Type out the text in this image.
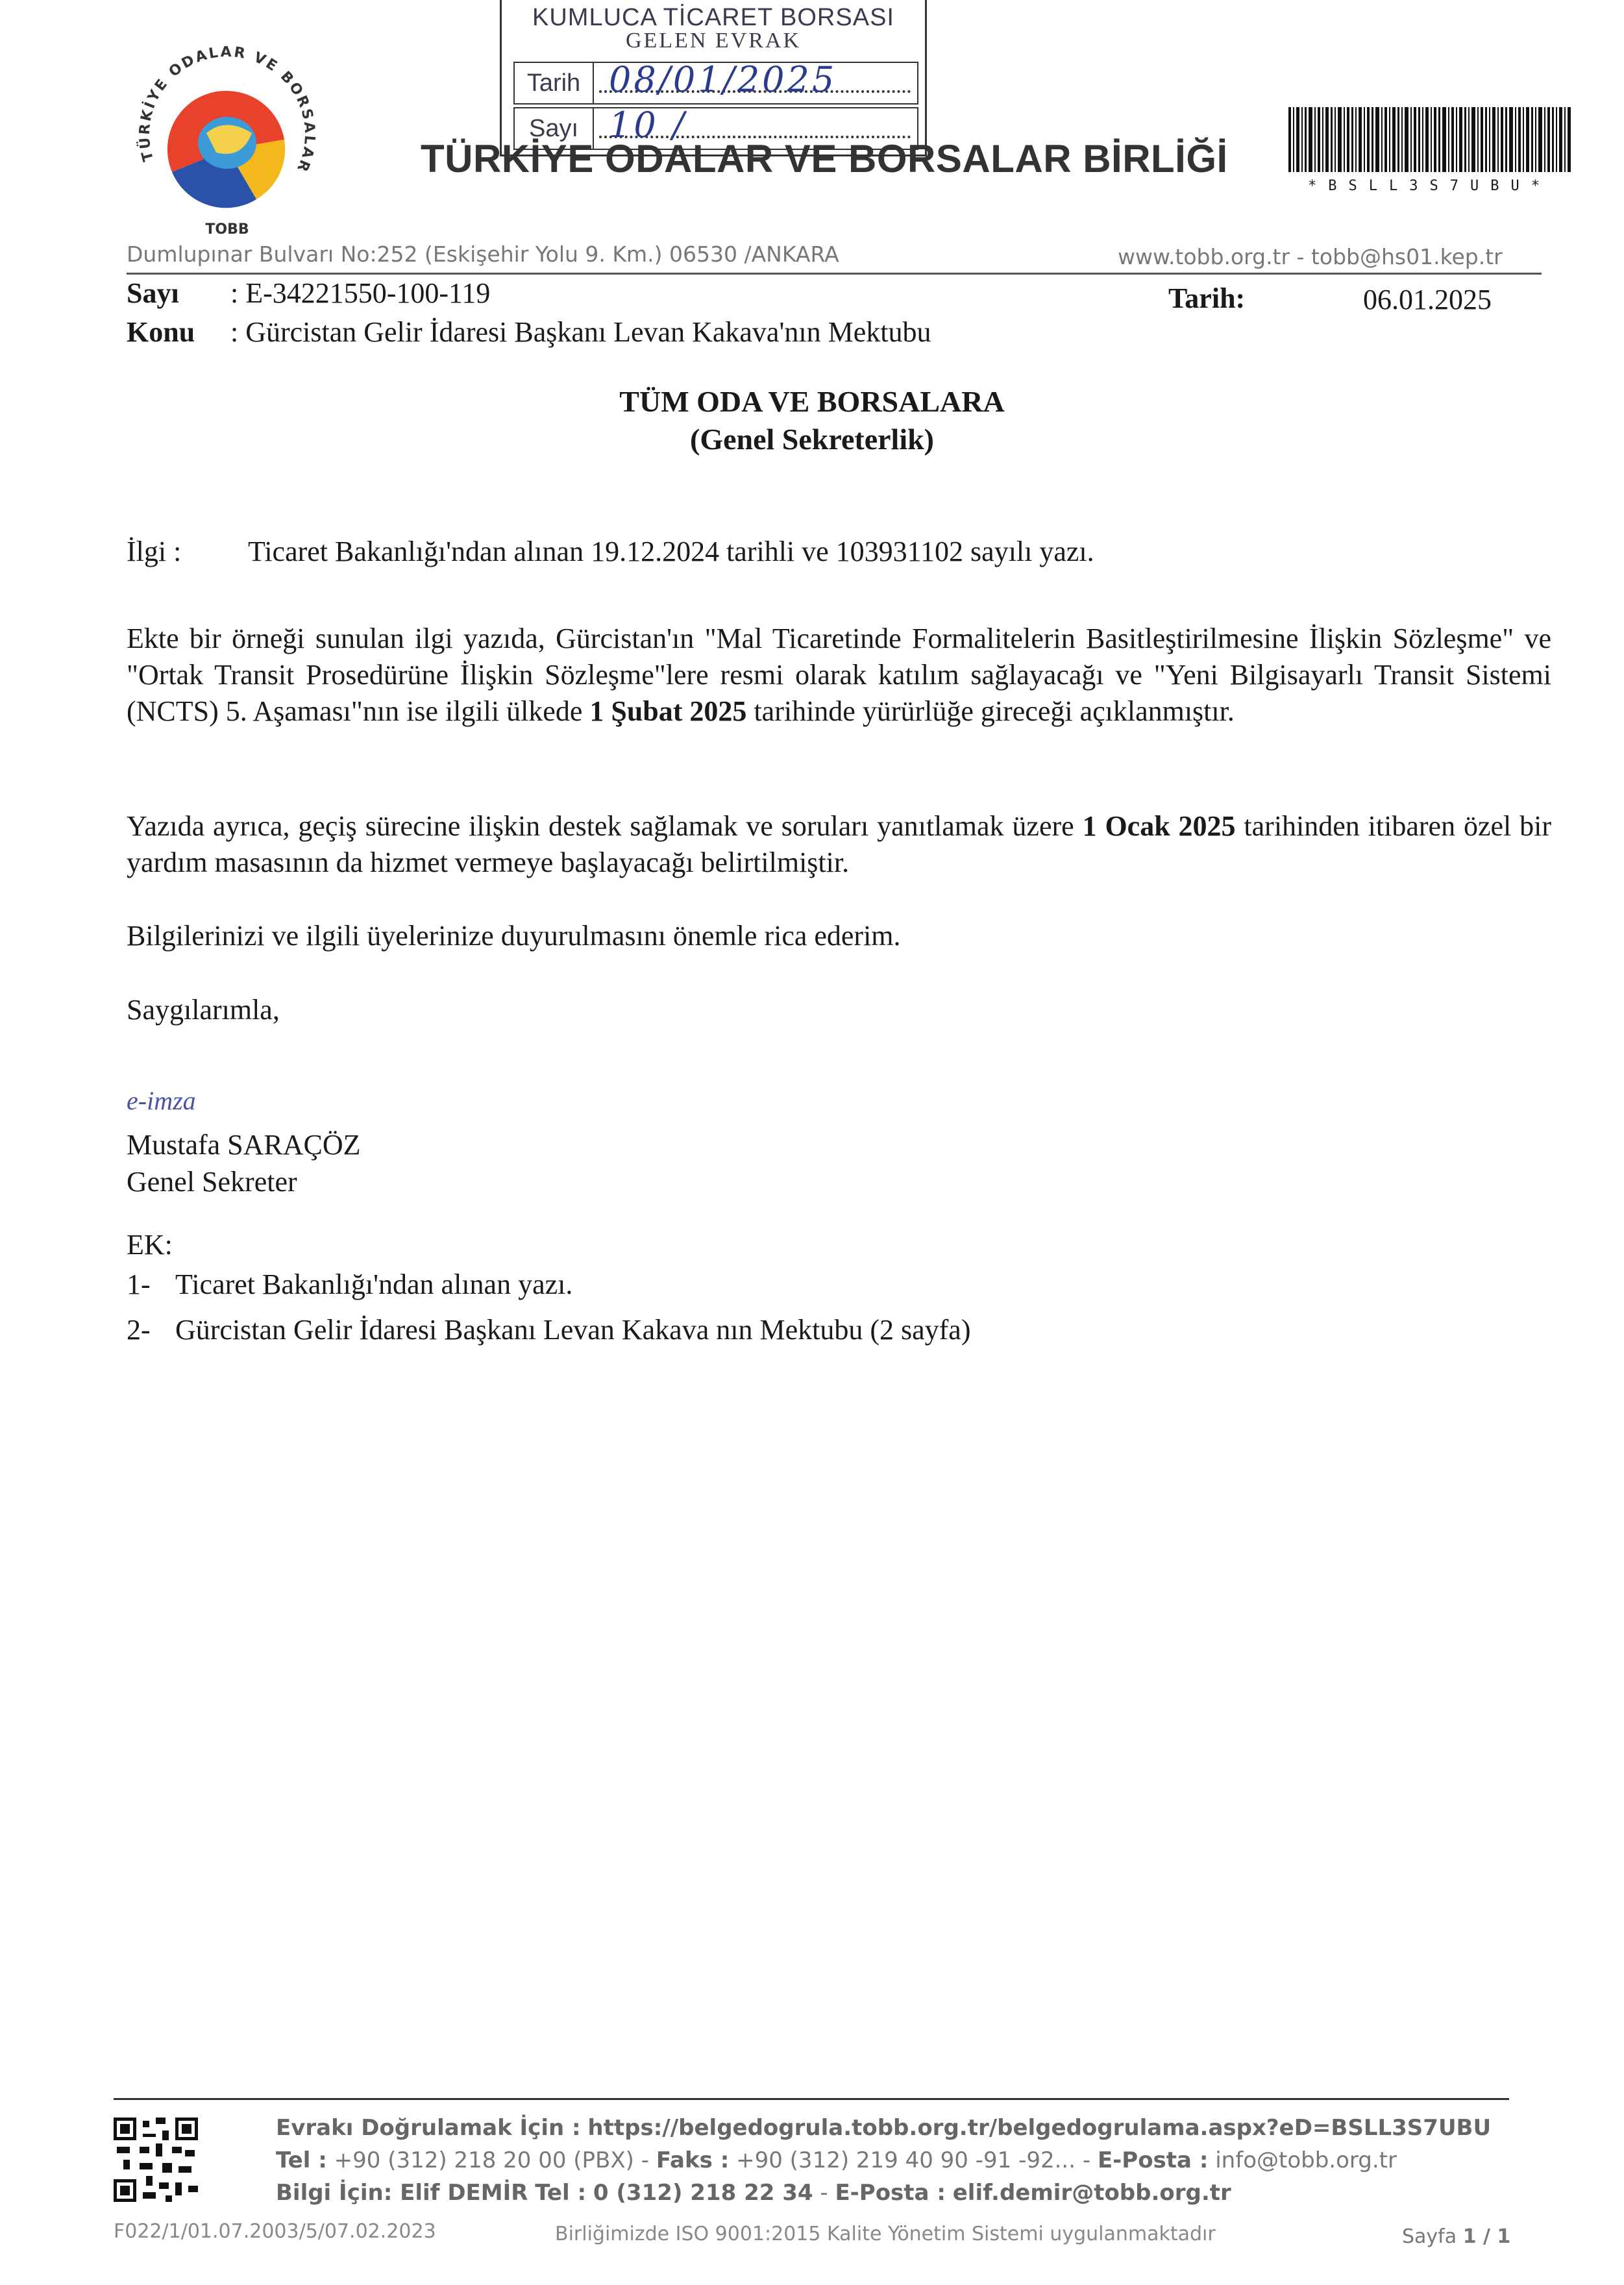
TÜRKİYE ODALAR VE BORSALAR
TOBB
KUMLUCA TİCARET BORSASI
GELEN EVRAK
Tarih 08/01/2025
Sayı 10 /
TÜRKİYE ODALAR VE BORSALAR BİRLİĞİ
*BSLL3S7UBU*
Dumlupınar Bulvarı No:252 (Eskişehir Yolu 9. Km.) 06530 /ANKARA	www.tobb.org.tr - tobb@hs01.kep.tr
Sayı : E-34221550-100-119	Tarih:	06.01.2025
Konu : Gürcistan Gelir İdaresi Başkanı Levan Kakava'nın Mektubu
TÜM ODA VE BORSALARA
(Genel Sekreterlik)
İlgi : Ticaret Bakanlığı'ndan alınan 19.12.2024 tarihli ve 103931102 sayılı yazı.
Ekte bir örneği sunulan ilgi yazıda, Gürcistan'ın "Mal Ticaretinde Formalitelerin Basitleştirilmesine İlişkin Sözleşme" ve "Ortak Transit Prosedürüne İlişkin Sözleşme"lere resmi olarak katılım sağlayacağı ve "Yeni Bilgisayarlı Transit Sistemi (NCTS) 5. Aşaması"nın ise ilgili ülkede 1 Şubat 2025 tarihinde yürürlüğe gireceği açıklanmıştır.
Yazıda ayrıca, geçiş sürecine ilişkin destek sağlamak ve soruları yanıtlamak üzere 1 Ocak 2025 tarihinden itibaren özel bir yardım masasının da hizmet vermeye başlayacağı belirtilmiştir.
Bilgilerinizi ve ilgili üyelerinize duyurulmasını önemle rica ederim.
Saygılarımla,
e-imza
Mustafa SARAÇÖZ
Genel Sekreter
EK:
1- Ticaret Bakanlığı'ndan alınan yazı.
2- Gürcistan Gelir İdaresi Başkanı Levan Kakava nın Mektubu (2 sayfa)
Evrakı Doğrulamak İçin : https://belgedogrula.tobb.org.tr/belgedogrulama.aspx?eD=BSLL3S7UBU
Tel : +90 (312) 218 20 00 (PBX) - Faks : +90 (312) 219 40 90 -91 -92... - E-Posta : info@tobb.org.tr
Bilgi İçin: Elif DEMİR Tel : 0 (312) 218 22 34 - E-Posta : elif.demir@tobb.org.tr
F022/1/01.07.2003/5/07.02.2023	Birliğimizde ISO 9001:2015 Kalite Yönetim Sistemi uygulanmaktadır	Sayfa 1 / 1
